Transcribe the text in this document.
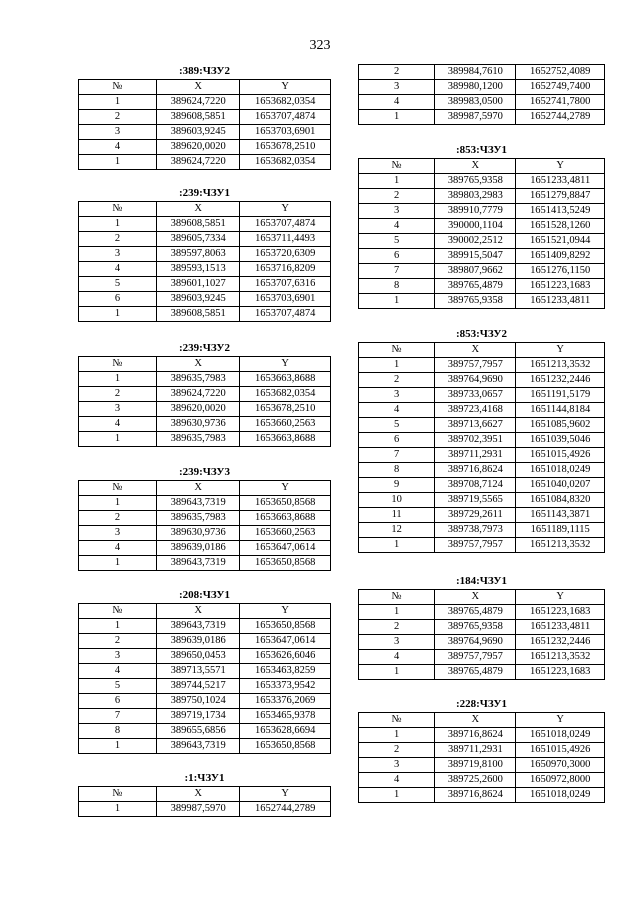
323
:389:ЧЗУ2
№	X	Y
1	389624,7220	1653682,0354
2	389608,5851	1653707,4874
3	389603,9245	1653703,6901
4	389620,0020	1653678,2510
1	389624,7220	1653682,0354
:239:ЧЗУ1
№	X	Y
1	389608,5851	1653707,4874
2	389605,7334	1653711,4493
3	389597,8063	1653720,6309
4	389593,1513	1653716,8209
5	389601,1027	1653707,6316
6	389603,9245	1653703,6901
1	389608,5851	1653707,4874
:239:ЧЗУ2
№	X	Y
1	389635,7983	1653663,8688
2	389624,7220	1653682,0354
3	389620,0020	1653678,2510
4	389630,9736	1653660,2563
1	389635,7983	1653663,8688
:239:ЧЗУ3
№	X	Y
1	389643,7319	1653650,8568
2	389635,7983	1653663,8688
3	389630,9736	1653660,2563
4	389639,0186	1653647,0614
1	389643,7319	1653650,8568
:208:ЧЗУ1
№	X	Y
1	389643,7319	1653650,8568
2	389639,0186	1653647,0614
3	389650,0453	1653626,6046
4	389713,5571	1653463,8259
5	389744,5217	1653373,9542
6	389750,1024	1653376,2069
7	389719,1734	1653465,9378
8	389655,6856	1653628,6694
1	389643,7319	1653650,8568
:1:ЧЗУ1
№	X	Y
1	389987,5970	1652744,2789
2	389984,7610	1652752,4089
3	389980,1200	1652749,7400
4	389983,0500	1652741,7800
1	389987,5970	1652744,2789
:853:ЧЗУ1
№	X	Y
1	389765,9358	1651233,4811
2	389803,2983	1651279,8847
3	389910,7779	1651413,5249
4	390000,1104	1651528,1260
5	390002,2512	1651521,0944
6	389915,5047	1651409,8292
7	389807,9662	1651276,1150
8	389765,4879	1651223,1683
1	389765,9358	1651233,4811
:853:ЧЗУ2
№	X	Y
1	389757,7957	1651213,3532
2	389764,9690	1651232,2446
3	389733,0657	1651191,5179
4	389723,4168	1651144,8184
5	389713,6627	1651085,9602
6	389702,3951	1651039,5046
7	389711,2931	1651015,4926
8	389716,8624	1651018,0249
9	389708,7124	1651040,0207
10	389719,5565	1651084,8320
11	389729,2611	1651143,3871
12	389738,7973	1651189,1115
1	389757,7957	1651213,3532
:184:ЧЗУ1
№	X	Y
1	389765,4879	1651223,1683
2	389765,9358	1651233,4811
3	389764,9690	1651232,2446
4	389757,7957	1651213,3532
1	389765,4879	1651223,1683
:228:ЧЗУ1
№	X	Y
1	389716,8624	1651018,0249
2	389711,2931	1651015,4926
3	389719,8100	1650970,3000
4	389725,2600	1650972,8000
1	389716,8624	1651018,0249
